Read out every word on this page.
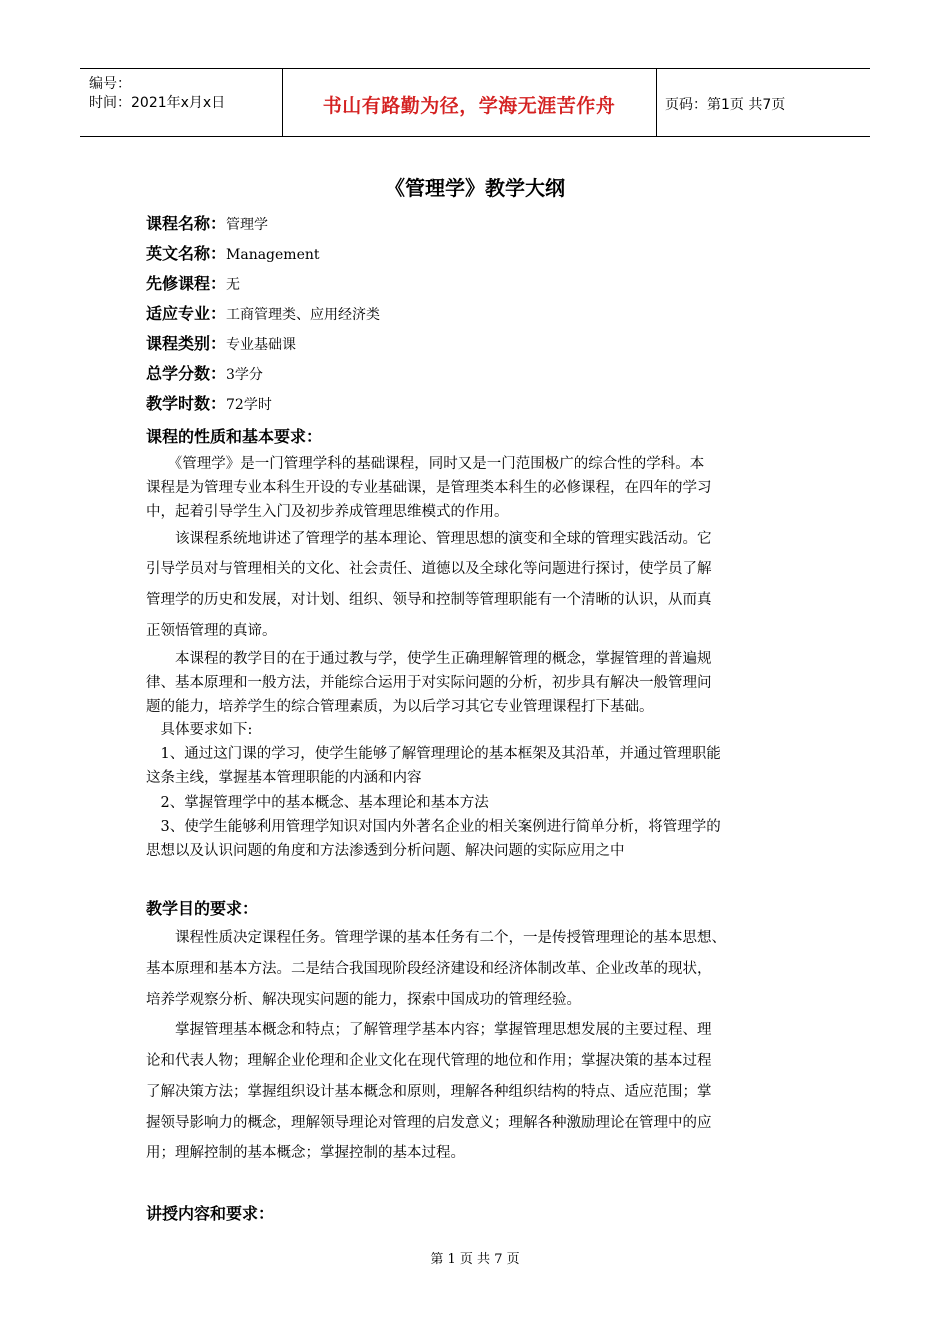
编号：
时间：2021年x月x日	书山有路勤为径，学海无涯苦作舟	页码：第1页 共7页
《管理学》教学大纲
课程名称：管理学
英文名称：Management
先修课程：无
适应专业：工商管理类、应用经济类
课程类别：专业基础课
总学分数：3学分
教学时数：72学时
课程的性质和基本要求：
　　《管理学》是一门管理学科的基础课程，同时又是一门范围极广的综合性的学科。本
课程是为管理专业本科生开设的专业基础课，是管理类本科生的必修课程，在四年的学习
中，起着引导学生入门及初步养成管理思维模式的作用。
　　该课程系统地讲述了管理学的基本理论、管理思想的演变和全球的管理实践活动。它
引导学员对与管理相关的文化、社会责任、道德以及全球化等问题进行探讨，使学员了解
管理学的历史和发展，对计划、组织、领导和控制等管理职能有一个清晰的认识，从而真
正领悟管理的真谛。
　　本课程的教学目的在于通过教与学，使学生正确理解管理的概念，掌握管理的普遍规
律、基本原理和一般方法，并能综合运用于对实际问题的分析，初步具有解决一般管理问
题的能力，培养学生的综合管理素质，为以后学习其它专业管理课程打下基础。
　具体要求如下:
　1、通过这门课的学习，使学生能够了解管理理论的基本框架及其沿革，并通过管理职能
这条主线，掌握基本管理职能的内涵和内容
　2、掌握管理学中的基本概念、基本理论和基本方法
　3、使学生能够利用管理学知识对国内外著名企业的相关案例进行简单分析，将管理学的
思想以及认识问题的角度和方法渗透到分析问题、解决问题的实际应用之中
教学目的要求：
　　课程性质决定课程任务。管理学课的基本任务有二个，一是传授管理理论的基本思想、
基本原理和基本方法。二是结合我国现阶段经济建设和经济体制改革、企业改革的现状，
培养学观察分析、解决现实问题的能力，探索中国成功的管理经验。
　　掌握管理基本概念和特点；了解管理学基本内容；掌握管理思想发展的主要过程、理
论和代表人物；理解企业伦理和企业文化在现代管理的地位和作用；掌握决策的基本过程
了解决策方法；掌握组织设计基本概念和原则，理解各种组织结构的特点、适应范围；掌
握领导影响力的概念，理解领导理论对管理的启发意义；理解各种激励理论在管理中的应
用；理解控制的基本概念；掌握控制的基本过程。
讲授内容和要求：
第 1 页 共 7 页
